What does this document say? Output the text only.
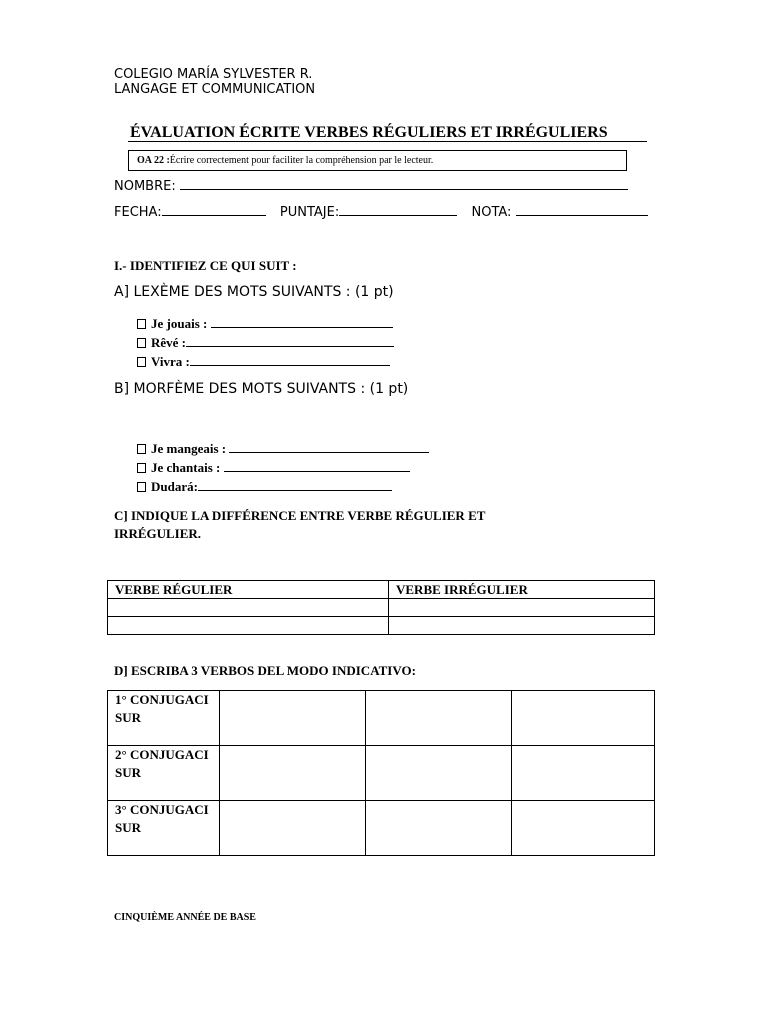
COLEGIO MARÍA SYLVESTER R.
LANGAGE ET COMMUNICATION
ÉVALUATION ÉCRITE VERBES RÉGULIERS ET IRRÉGULIERS
OA 22 :Écrire correctement pour faciliter la compréhension par le lecteur.
NOMBRE:
FECHA:	PUNTAJE:	NOTA:
I.- IDENTIFIEZ CE QUI SUIT :
A] LEXÈME DES MOTS SUIVANTS : (1 pt)
Je jouais :
Rêvé :
Vivra :
B] MORFÈME DES MOTS SUIVANTS : (1 pt)
Je mangeais :
Je chantais :
Dudará:
C] INDIQUE LA DIFFÉRENCE ENTRE VERBE RÉGULIER ET
IRRÉGULIER.
VERBE RÉGULIER	VERBE IRRÉGULIER

D] ESCRIBA 3 VERBOS DEL MODO INDICATIVO:
1° CONJUGACI SUR			
2° CONJUGACI SUR			
3° CONJUGACI SUR			
CINQUIÈME ANNÉE DE BASE
